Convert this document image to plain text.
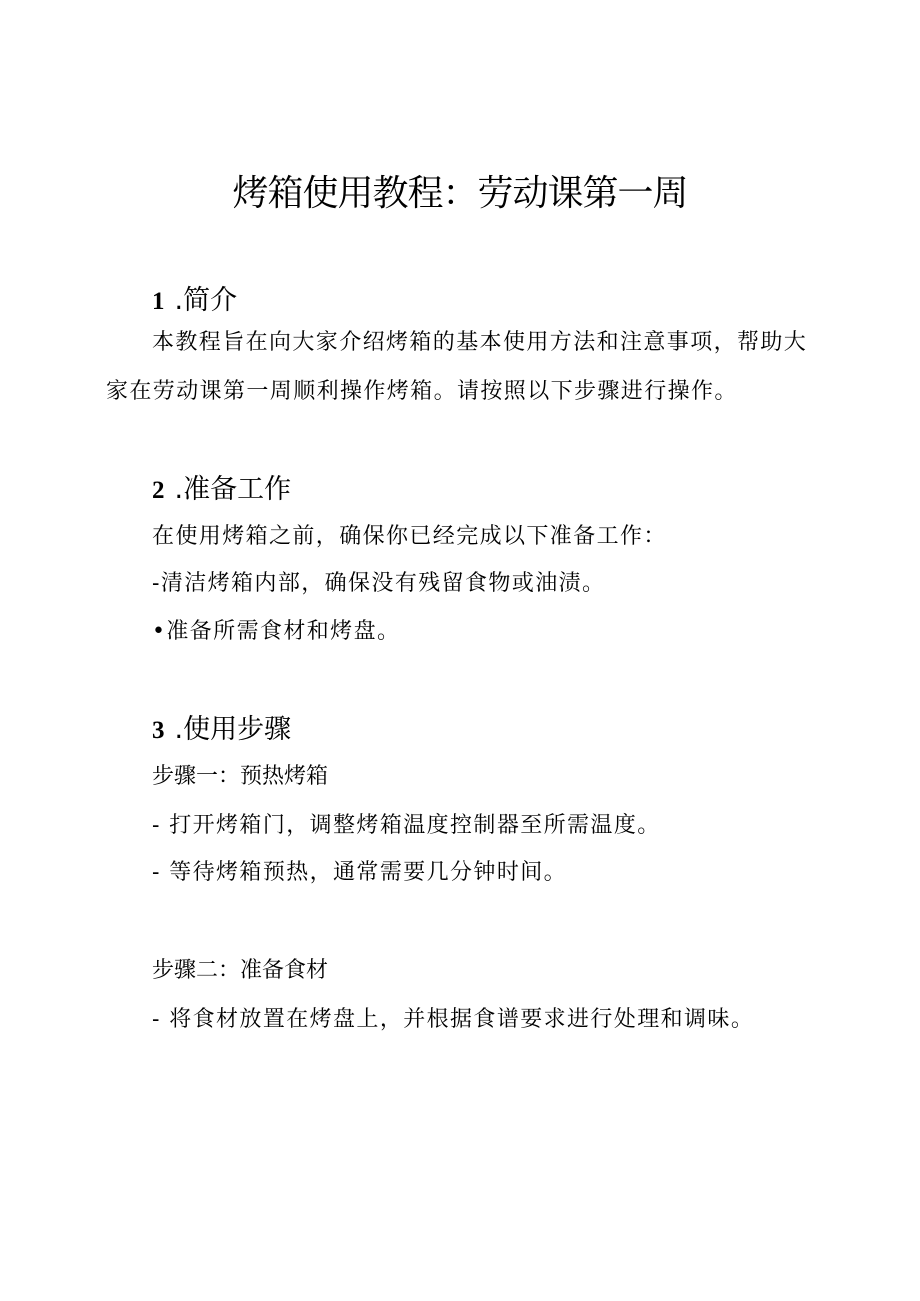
烤箱使用教程：劳动课第一周
1 .简介
本教程旨在向大家介绍烤箱的基本使用方法和注意事项，帮助大
家在劳动课第一周顺利操作烤箱。请按照以下步骤进行操作。
2 .准备工作
在使用烤箱之前，确保你已经完成以下准备工作：
-清洁烤箱内部，确保没有残留食物或油渍。
•准备所需食材和烤盘。
3 .使用步骤
步骤一：预热烤箱
- 打开烤箱门，调整烤箱温度控制器至所需温度。
- 等待烤箱预热，通常需要几分钟时间。
步骤二：准备食材
- 将食材放置在烤盘上，并根据食谱要求进行处理和调味。
